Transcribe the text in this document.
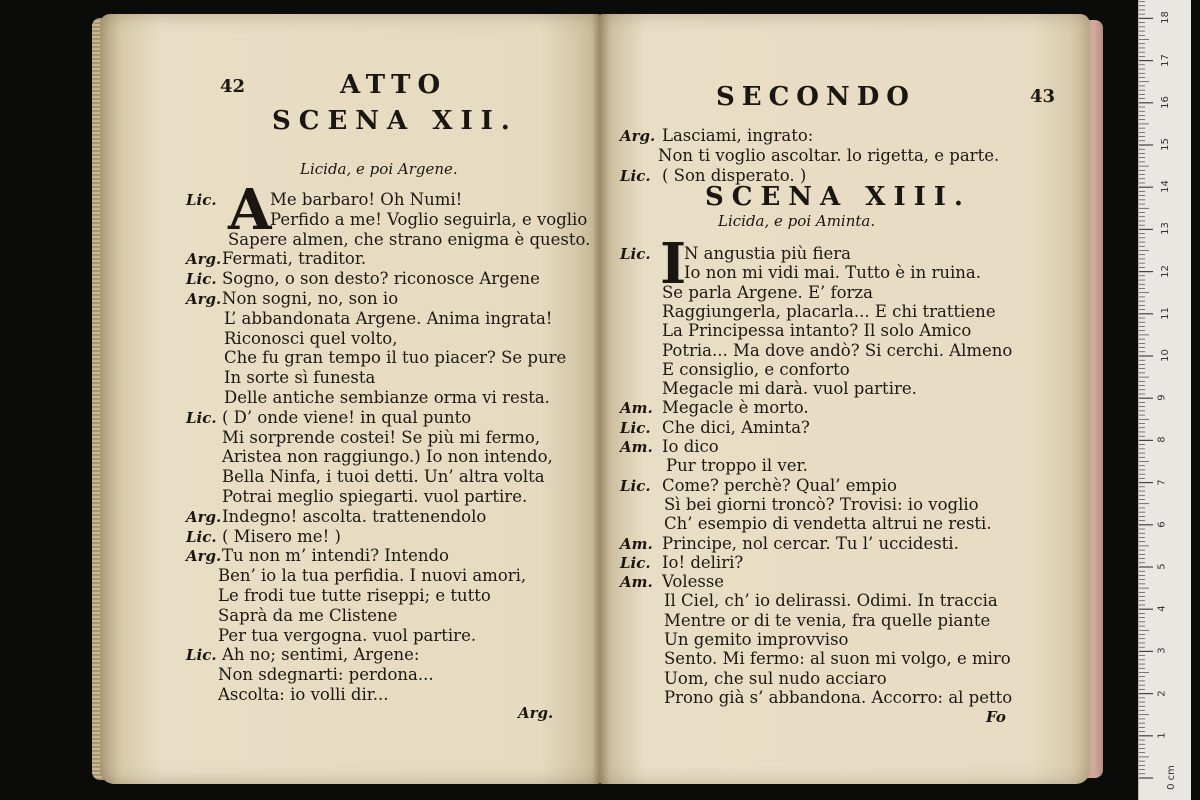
42	ATTO
SCENA XII.
Licida, e poi Argene.
A
Lic.	Me barbaro! Oh Numi!
Perfido a me! Voglio seguirla, e voglio
Sapere almen, che strano enigma è questo.
Arg. Fermati, traditor.
Lic. Sogno, o son desto? riconosce Argene
Arg. Non sogni, no, son io
L’ abbandonata Argene. Anima ingrata!
Riconosci quel volto,
Che fu gran tempo il tuo piacer? Se pure
In sorte sì funesta
Delle antiche sembianze orma vi resta.
Lic. ( D’ onde viene! in qual punto
Mi sorprende costei! Se più mi fermo,
Aristea non raggiungo.) Io non intendo,
Bella Ninfa, i tuoi detti. Un’ altra volta
Potrai meglio spiegarti. vuol partire.
Arg. Indegno! ascolta. trattenendolo
Lic. ( Misero me! )
Arg. Tu non m’ intendi? Intendo
Ben’ io la tua perfidia. I nuovi amori,
Le frodi tue tutte riseppi; e tutto
Saprà da me Clistene
Per tua vergogna. vuol partire.
Lic. Ah no; sentimi, Argene:
Non sdegnarti: perdona...
Ascolta: io volli dir...
Arg.
SECONDO	43
Arg. Lasciami, ingrato:
Non ti voglio ascoltar. lo rigetta, e parte.
Lic. ( Son disperato. )
SCENA XIII.
Licida, e poi Aminta.
I
Lic. N angustia più fiera
Io non mi vidi mai. Tutto è in ruina.
Se parla Argene. E’ forza
Raggiungerla, placarla... E chi trattiene
La Principessa intanto? Il solo Amico
Potria... Ma dove andò? Si cerchi. Almeno
E consiglio, e conforto
Megacle mi darà. vuol partire.
Am. Megacle è morto.
Lic. Che dici, Aminta?
Am. Io dico
Pur troppo il ver.
Lic. Come? perchè? Qual’ empio
Sì bei giorni troncò? Trovisi: io voglio
Ch’ esempio di vendetta altrui ne resti.
Am. Principe, nol cercar. Tu l’ uccidesti.
Lic. Io! deliri?
Am. Volesse
Il Ciel, ch’ io delirassi. Odimi. In traccia
Mentre or di te venia, fra quelle piante
Un gemito improvviso
Sento. Mi fermo: al suon mi volgo, e miro
Uom, che sul nudo acciaro
Prono già s’ abbandona. Accorro: al petto
Fo
18
17
16
15
14
13
12
11
10
9
8
7
6
5
4
3
2
1
0 cm
